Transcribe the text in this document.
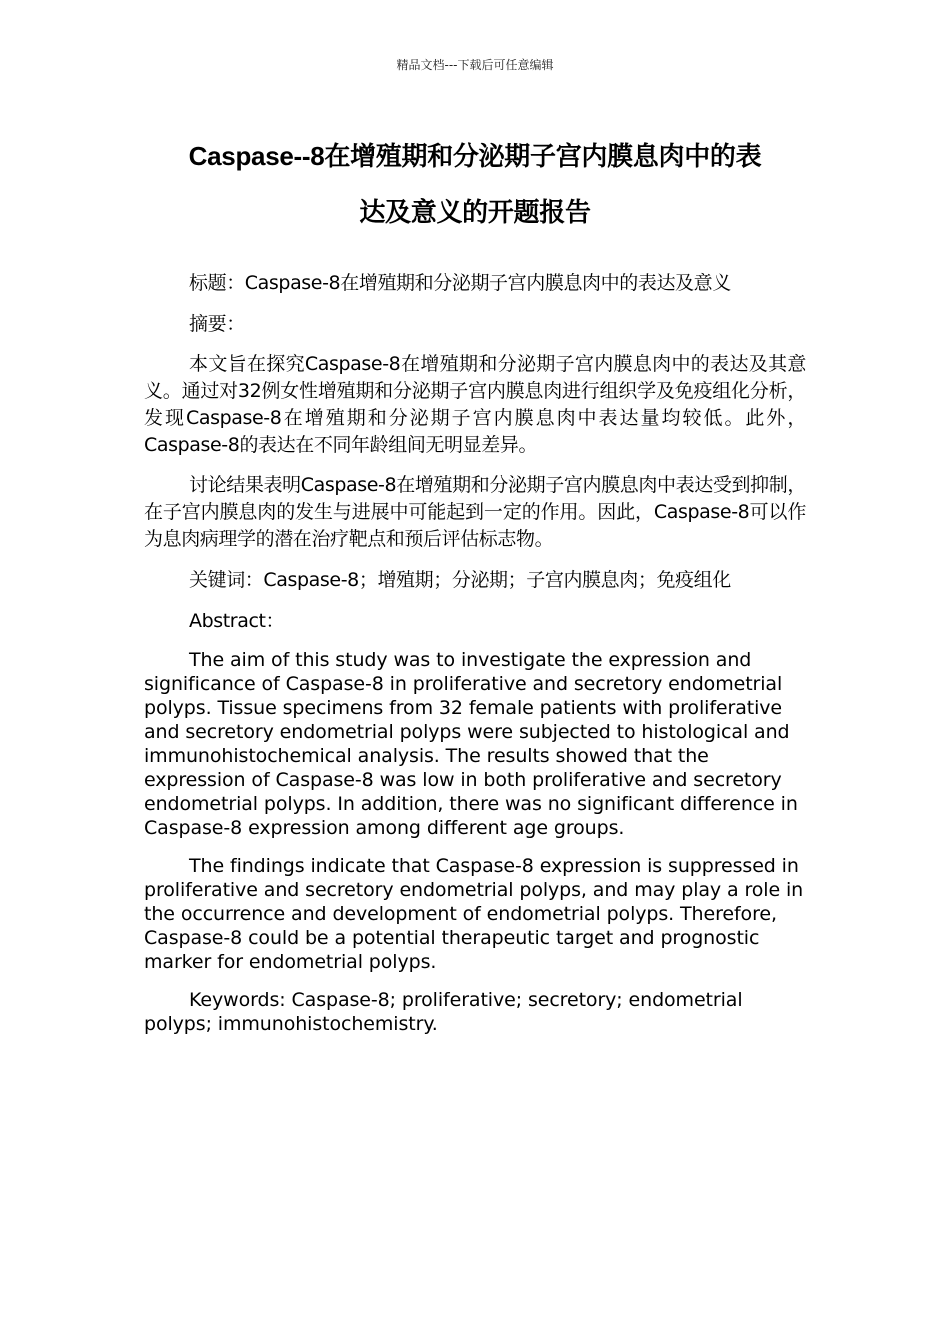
精品文档---下载后可任意编辑
Caspase--8在增殖期和分泌期子宫内膜息肉中的表
达及意义的开题报告

标题：Caspase-8在增殖期和分泌期子宫内膜息肉中的表达及意义

摘要：

本文旨在探究Caspase-8在增殖期和分泌期子宫内膜息肉中的表达及其意义。通过对32例女性增殖期和分泌期子宫内膜息肉进行组织学及免疫组化分析，发现Caspase-8在增殖期和分泌期子宫内膜息肉中表达量均较低。此外，Caspase-8的表达在不同年龄组间无明显差异。

讨论结果表明Caspase-8在增殖期和分泌期子宫内膜息肉中表达受到抑制，在子宫内膜息肉的发生与进展中可能起到一定的作用。因此，Caspase-8可以作为息肉病理学的潜在治疗靶点和预后评估标志物。

关键词：Caspase-8；增殖期；分泌期；子宫内膜息肉；免疫组化

Abstract：

The aim of this study was to investigate the expression and significance of Caspase-8 in proliferative and secretory endometrial polyps. Tissue specimens from 32 female patients with proliferative and secretory endometrial polyps were subjected to histological and immunohistochemical analysis. The results showed that the expression of Caspase-8 was low in both proliferative and secretory endometrial polyps. In addition, there was no significant difference in Caspase-8 expression among different age groups.

The findings indicate that Caspase-8 expression is suppressed in proliferative and secretory endometrial polyps, and may play a role in the occurrence and development of endometrial polyps. Therefore, Caspase-8 could be a potential therapeutic target and prognostic marker for endometrial polyps.

Keywords: Caspase-8; proliferative; secretory; endometrial polyps; immunohistochemistry.
